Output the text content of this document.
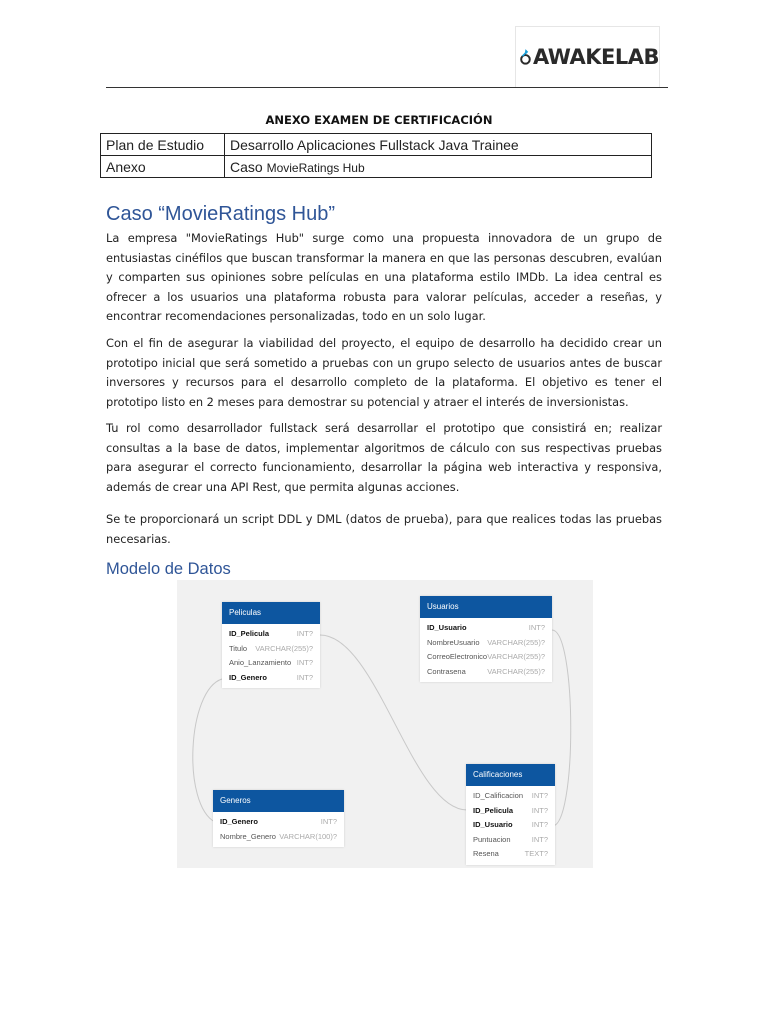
AWAKELAB
ANEXO EXAMEN DE CERTIFICACIÓN
Plan de Estudio	Desarrollo Aplicaciones Fullstack Java Trainee
Anexo	Caso MovieRatings Hub
Caso “MovieRatings Hub”

La empresa "MovieRatings Hub" surge como una propuesta innovadora de un grupo de entusiastas cinéfilos que buscan transformar la manera en que las personas descubren, evalúan y comparten sus opiniones sobre películas en una plataforma estilo IMDb. La idea central es ofrecer a los usuarios una plataforma robusta para valorar películas, acceder a reseñas, y encontrar recomendaciones personalizadas, todo en un solo lugar.

Con el fin de asegurar la viabilidad del proyecto, el equipo de desarrollo ha decidido crear un prototipo inicial que será sometido a pruebas con un grupo selecto de usuarios antes de buscar inversores y recursos para el desarrollo completo de la plataforma. El objetivo es tener el prototipo listo en 2 meses para demostrar su potencial y atraer el interés de inversionistas.

Tu rol como desarrollador fullstack será desarrollar el prototipo que consistirá en; realizar consultas a la base de datos, implementar algoritmos de cálculo con sus respectivas pruebas para asegurar el correcto funcionamiento, desarrollar la página web interactiva y responsiva, además de crear una API Rest, que permita algunas acciones.

Se te proporcionará un script DDL y DML (datos de prueba), para que realices todas las pruebas necesarias.

Modelo de Datos
Peliculas
ID_Pelicula	INT?
Titulo VARCHAR(255)?
Anio_Lanzamiento INT?
ID_Genero	INT?
Usuarios
ID_Usuario	INT?
NombreUsuario VARCHAR(255)?
CorreoElectronico VARCHAR(255)?
Contrasena	VARCHAR(255)?
Generos
ID_Genero	INT?
Nombre_Genero VARCHAR(100)?
Calificaciones
ID_Calificacion INT?
ID_Pelicula INT?
ID_Usuario	INT?
Puntuacion	INT?
Resena	TEXT?
